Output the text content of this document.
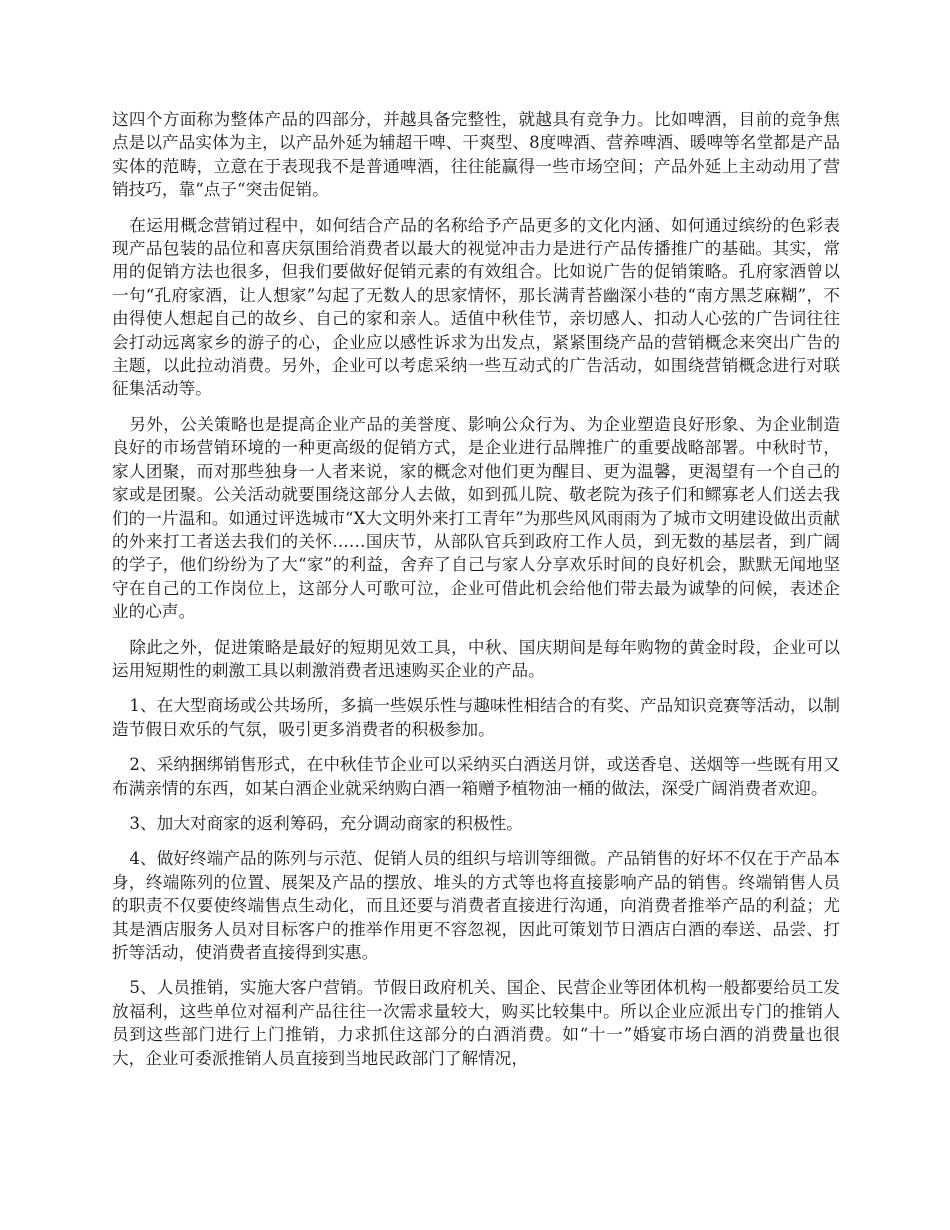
这四个方面称为整体产品的四部分，并越具备完整性，就越具有竞争力。比如啤酒，目前的竞争焦点是以产品实体为主，以产品外延为辅超干啤、干爽型、8度啤酒、营养啤酒、暖啤等名堂都是产品实体的范畴，立意在于表现我不是普通啤酒，往往能赢得一些市场空间；产品外延上主动动用了营销技巧，靠“点子“突击促销。

在运用概念营销过程中，如何结合产品的名称给予产品更多的文化内涵、如何通过缤纷的色彩表现产品包装的品位和喜庆氛围给消费者以最大的视觉冲击力是进行产品传播推广的基础。其实，常用的促销方法也很多，但我们要做好促销元素的有效组合。比如说广告的促销策略。孔府家酒曾以一句“孔府家酒，让人想家”勾起了无数人的思家情怀，那长满青苔幽深小巷的“南方黑芝麻糊”，不由得使人想起自己的故乡、自己的家和亲人。适值中秋佳节，亲切感人、扣动人心弦的广告词往往会打动远离家乡的游子的心，企业应以感性诉求为出发点，紧紧围绕产品的营销概念来突出广告的主题，以此拉动消费。另外，企业可以考虑采纳一些互动式的广告活动，如围绕营销概念进行对联征集活动等。

另外，公关策略也是提高企业产品的美誉度、影响公众行为、为企业塑造良好形象、为企业制造良好的市场营销环境的一种更高级的促销方式，是企业进行品牌推广的重要战略部署。中秋时节，家人团聚，而对那些独身一人者来说，家的概念对他们更为醒目、更为温馨，更渴望有一个自己的家或是团聚。公关活动就要围绕这部分人去做，如到孤儿院、敬老院为孩子们和鳏寡老人们送去我们的一片温和。如通过评选城市“X大文明外来打工青年”为那些风风雨雨为了城市文明建设做出贡献的外来打工者送去我们的关怀……国庆节，从部队官兵到政府工作人员，到无数的基层者，到广阔的学子，他们纷纷为了大“家”的利益，舍弃了自己与家人分享欢乐时间的良好机会，默默无闻地坚守在自己的工作岗位上，这部分人可歌可泣，企业可借此机会给他们带去最为诚挚的问候，表述企业的心声。

除此之外，促进策略是最好的短期见效工具，中秋、国庆期间是每年购物的黄金时段，企业可以运用短期性的刺激工具以刺激消费者迅速购买企业的产品。

1、在大型商场或公共场所，多搞一些娱乐性与趣味性相结合的有奖、产品知识竞赛等活动，以制造节假日欢乐的气氛，吸引更多消费者的积极参加。

2、采纳捆绑销售形式，在中秋佳节企业可以采纳买白酒送月饼，或送香皂、送烟等一些既有用又布满亲情的东西，如某白酒企业就采纳购白酒一箱赠予植物油一桶的做法，深受广阔消费者欢迎。

3、加大对商家的返利筹码，充分调动商家的积极性。

4、做好终端产品的陈列与示范、促销人员的组织与培训等细微。产品销售的好坏不仅在于产品本身，终端陈列的位置、展架及产品的摆放、堆头的方式等也将直接影响产品的销售。终端销售人员的职责不仅要使终端售点生动化，而且还要与消费者直接进行沟通，向消费者推举产品的利益；尤其是酒店服务人员对目标客户的推举作用更不容忽视，因此可策划节日酒店白酒的奉送、品尝、打折等活动，使消费者直接得到实惠。

5、人员推销，实施大客户营销。节假日政府机关、国企、民营企业等团体机构一般都要给员工发放福利，这些单位对福利产品往往一次需求量较大，购买比较集中。所以企业应派出专门的推销人员到这些部门进行上门推销，力求抓住这部分的白酒消费。如“十一”婚宴市场白酒的消费量也很大，企业可委派推销人员直接到当地民政部门了解情况，
